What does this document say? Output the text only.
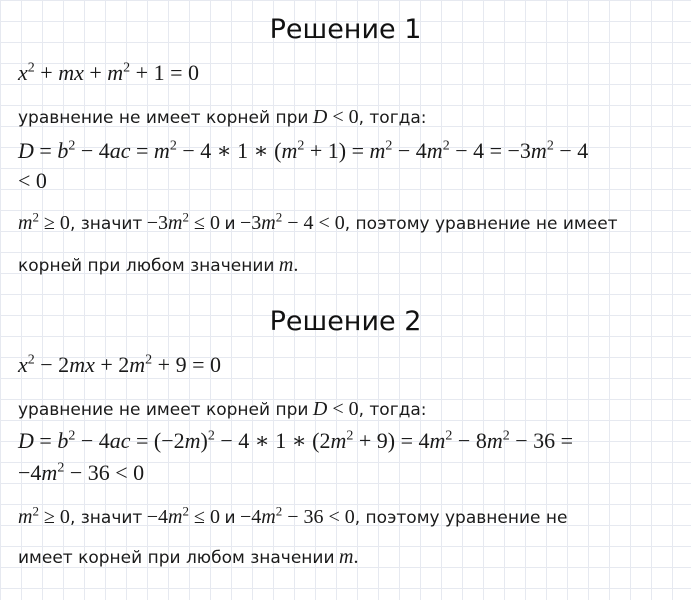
Решение 1
$x^2$ + mx + $m^2 + 1 = 0$
уравнение не имеет корней при D < 0, тогда:
$D = b^2 - 4ac = m^2 - 4$ ∗ 1 ∗ $(m^2 + 1) = m^2 - 4m^2 - 4 = -3m^2 - 4$
< 0
$m^2 \ge 0$, значит $-3m^2 \le 0$ $и -3m^2 - 4 < 0$, поэтому уравнение не имеет
корней при любом значении m.
Решение 2
$x^2 - 2mx + 2m^2 + 9 = 0$
уравнение не имеет корней при D < 0, тогда:
$D = b^2 - 4ac = (-2m)^2 - 4$ ∗ 1 ∗ $(2m^2 + 9) = 4m^2 - 8m^2 - 36$ =
$-4m^2 - 36 < 0$
$m^2 \ge 0$, значит $-4m^2 \le 0$ $и -4m^2 - 36 < 0$, поэтому уравнение не
имеет корней при любом значении m.
